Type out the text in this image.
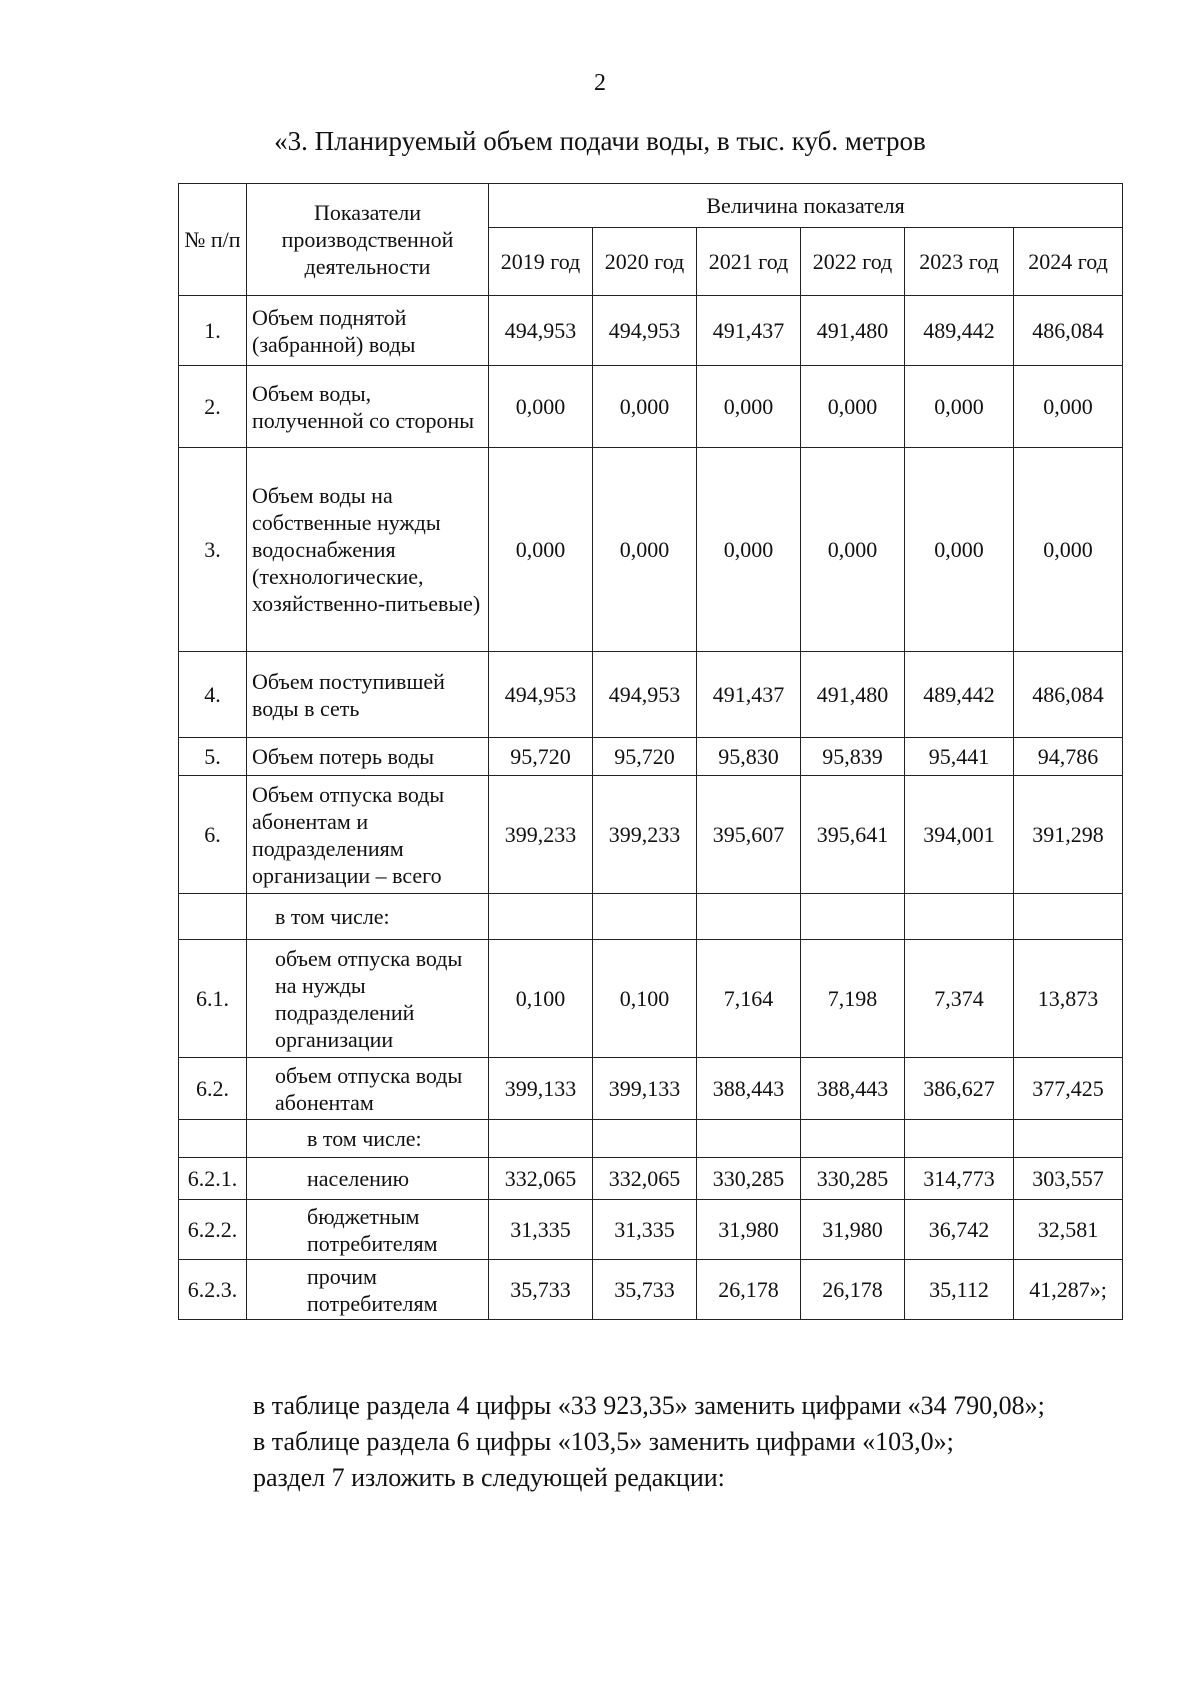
2
«3. Планируемый объем подачи воды, в тыс. куб. метров
№ п/п	Показатели производственной деятельности	Величина показателя					
		2019 год	2020 год	2021 год	2022 год	2023 год	2024 год
1.	Объем поднятой (забранной) воды	494,953	494,953	491,437	491,480	489,442	486,084
2.	Объем воды, полученной со стороны	0,000	0,000	0,000	0,000	0,000	0,000
3.	Объем воды на собственные нужды водоснабжения (технологические, хозяйственно-питьевые)	0,000	0,000	0,000	0,000	0,000	0,000
4.	Объем поступившей воды в сеть	494,953	494,953	491,437	491,480	489,442	486,084
5.	Объем потерь воды	95,720	95,720	95,830	95,839	95,441	94,786
6.	Объем отпуска воды абонентам и подразделениям организации – всего	399,233	399,233	395,607	395,641	394,001	391,298
	в том числе:						
6.1.	объем отпуска воды на нужды подразделений организации	0,100	0,100	7,164	7,198	7,374	13,873
6.2.	объем отпуска воды абонентам	399,133	399,133	388,443	388,443	386,627	377,425
	в том числе:						
6.2.1.	населению	332,065	332,065	330,285	330,285	314,773	303,557
6.2.2.	бюджетным потребителям	31,335	31,335	31,980	31,980	36,742	32,581
6.2.3.	прочим потребителям	35,733	35,733	26,178	26,178	35,112	41,287»;
в таблице раздела 4 цифры «33 923,35» заменить цифрами «34 790,08»;
в таблице раздела 6 цифры «103,5» заменить цифрами «103,0»;
раздел 7 изложить в следующей редакции:
